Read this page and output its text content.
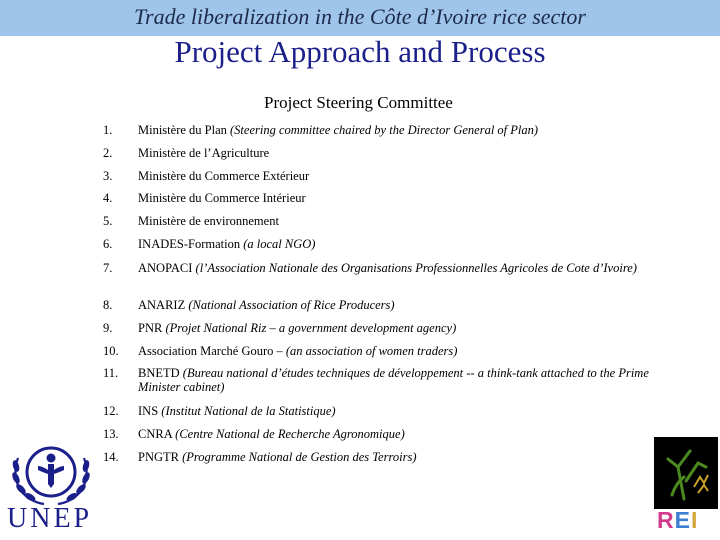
Trade liberalization in the Côte d’Ivoire rice sector
Project Approach and Process
Project Steering Committee
1.	Ministère du Plan (Steering committee chaired by the Director General of Plan)
2.	Ministère de l’Agriculture
3.	Ministère du Commerce Extérieur
4.	Ministère du Commerce Intérieur
5.	Ministère de environnement
6.	INADES-Formation (a local NGO)
7.	ANOPACI (l’Association Nationale des Organisations Professionnelles Agricoles de Cote d’Ivoire)
8.	ANARIZ (National Association of Rice Producers)
9.	PNR (Projet National Riz – a government development agency)
10.	Association Marché Gouro – (an association of women traders)
11.	BNETD (Bureau national d’études techniques de développement -- a think-tank attached to the Prime Minister cabinet)
12.	INS (Institut National de la Statistique)
13.	CNRA (Centre National de Recherche Agronomique)
14.	PNGTR (Programme National de Gestion des Terroirs)
UNEP	REI
